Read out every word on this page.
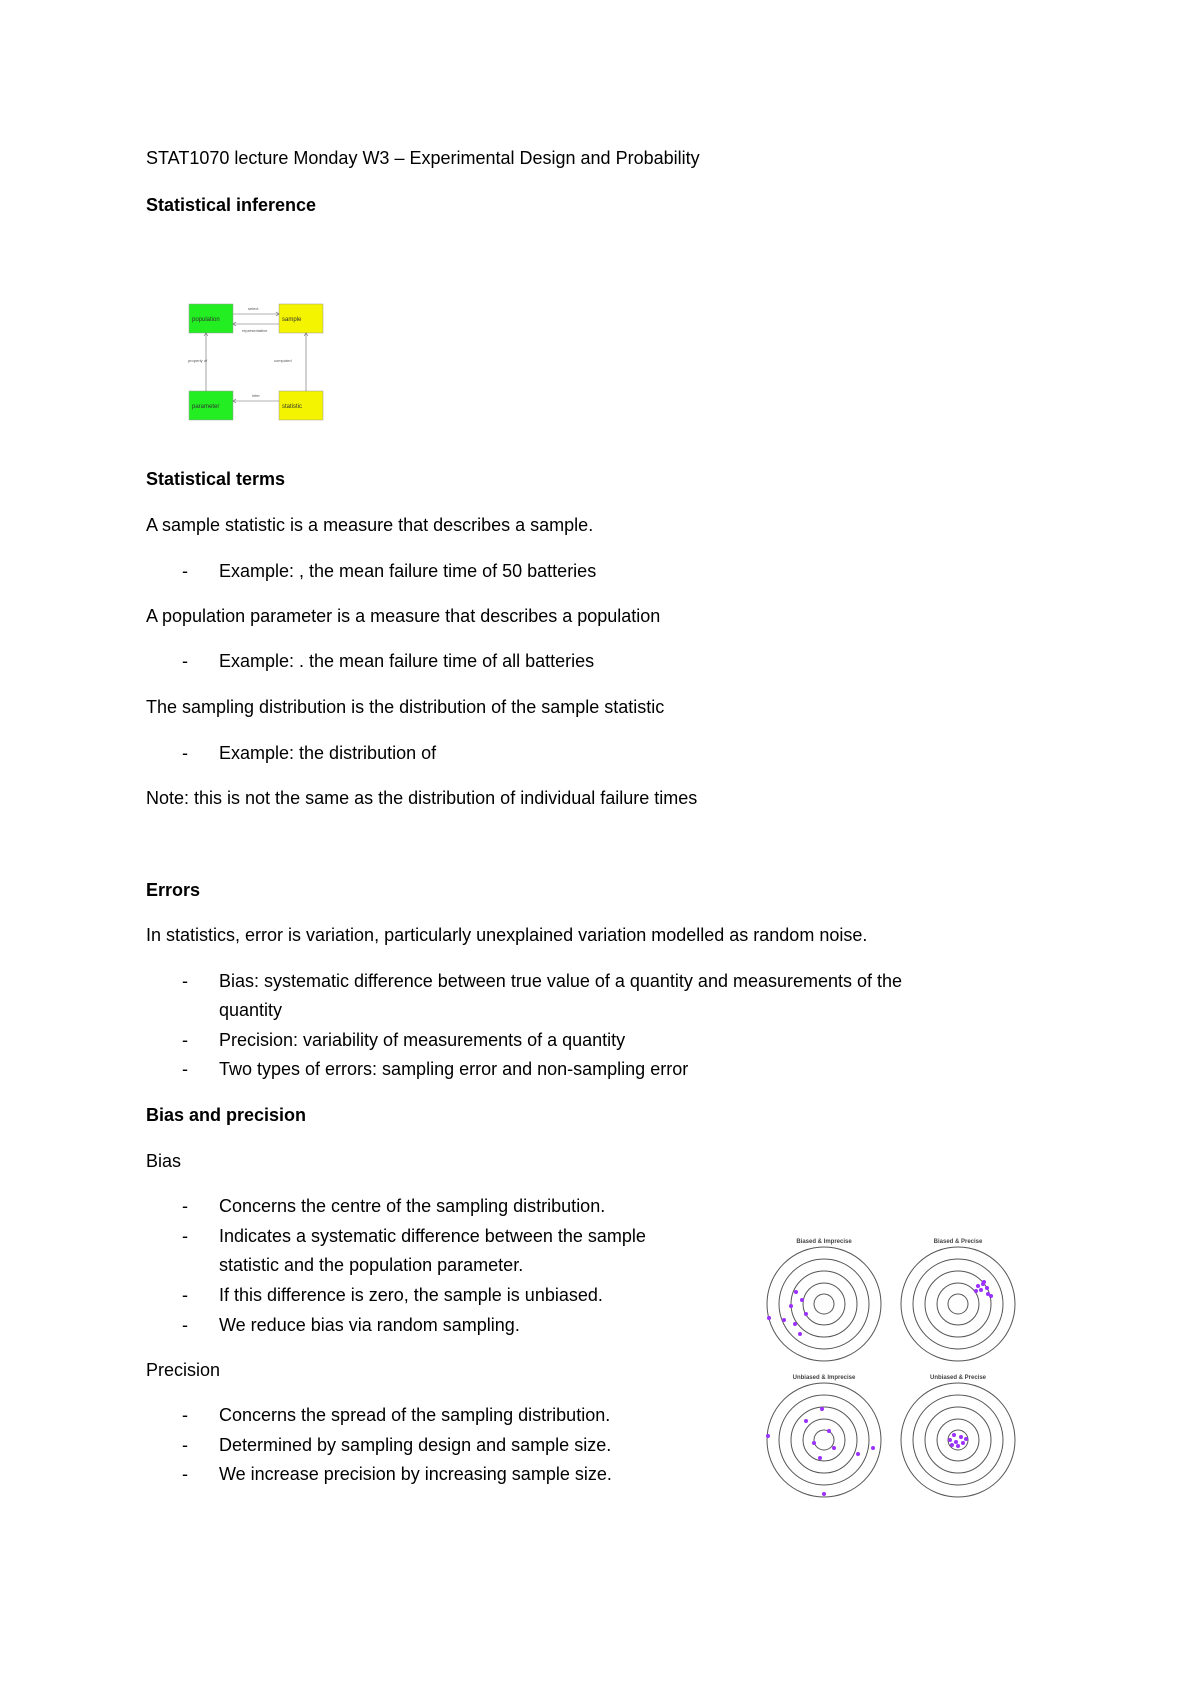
STAT1070 lecture Monday W3 – Experimental Design and Probability
Statistical inference
population	sample
parameter	statistic
select
representative
property of	computed
infer
Statistical terms
A sample statistic is a measure that describes a sample.
- Example: , the mean failure time of 50 batteries
A population parameter is a measure that describes a population
- Example: . the mean failure time of all batteries
The sampling distribution is the distribution of the sample statistic
- Example: the distribution of
Note: this is not the same as the distribution of individual failure times
Errors
In statistics, error is variation, particularly unexplained variation modelled as random noise.
- Bias: systematic difference between true value of a quantity and measurements of the
quantity
- Precision: variability of measurements of a quantity
- Two types of errors: sampling error and non-sampling error
Bias and precision
Bias
- Concerns the centre of the sampling distribution.
- Indicates a systematic difference between the sample
statistic and the population parameter.
- If this difference is zero, the sample is unbiased.
- We reduce bias via random sampling.
Precision
- Concerns the spread of the sampling distribution.
- Determined by sampling design and sample size.
- We increase precision by increasing sample size.
Biased & Imprecise	Biased & Precise
Unbiased & Imprecise	Unbiased & Precise
